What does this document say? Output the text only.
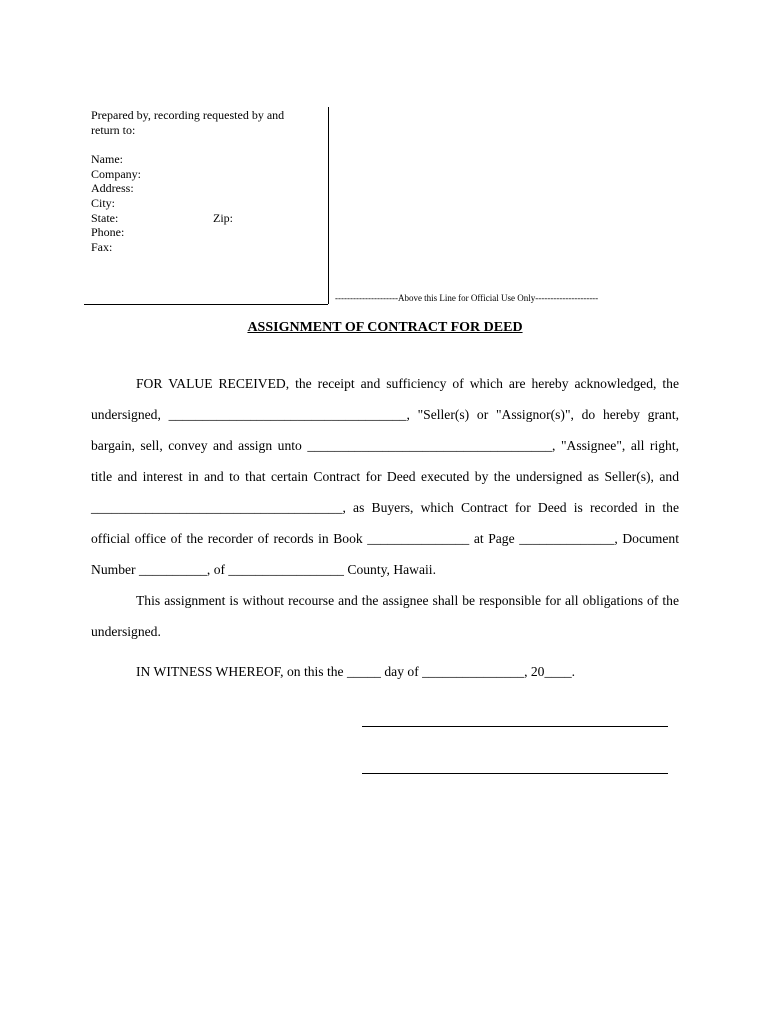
Prepared by, recording requested by and
return to:
Name:
Company:
Address:
City:
State:	Zip:
Phone:
Fax:
---------------------Above this Line for Official Use Only---------------------
ASSIGNMENT OF CONTRACT FOR DEED

FOR VALUE RECEIVED, the receipt and sufficiency of which are hereby acknowledged, the undersigned, ___________________________________, "Seller(s) or "Assignor(s)", do hereby grant, bargain, sell, convey and assign unto ____________________________________, "Assignee", all right, title and interest in and to that certain Contract for Deed executed by the undersigned as Seller(s), and _____________________________________, as Buyers, which Contract for Deed is recorded in the official office of the recorder of records in Book _______________ at Page ______________, Document Number __________, of _________________ County, Hawaii.

This assignment is without recourse and the assignee shall be responsible for all obligations of the undersigned.

IN WITNESS WHEREOF, on this the _____ day of _______________, 20____.
